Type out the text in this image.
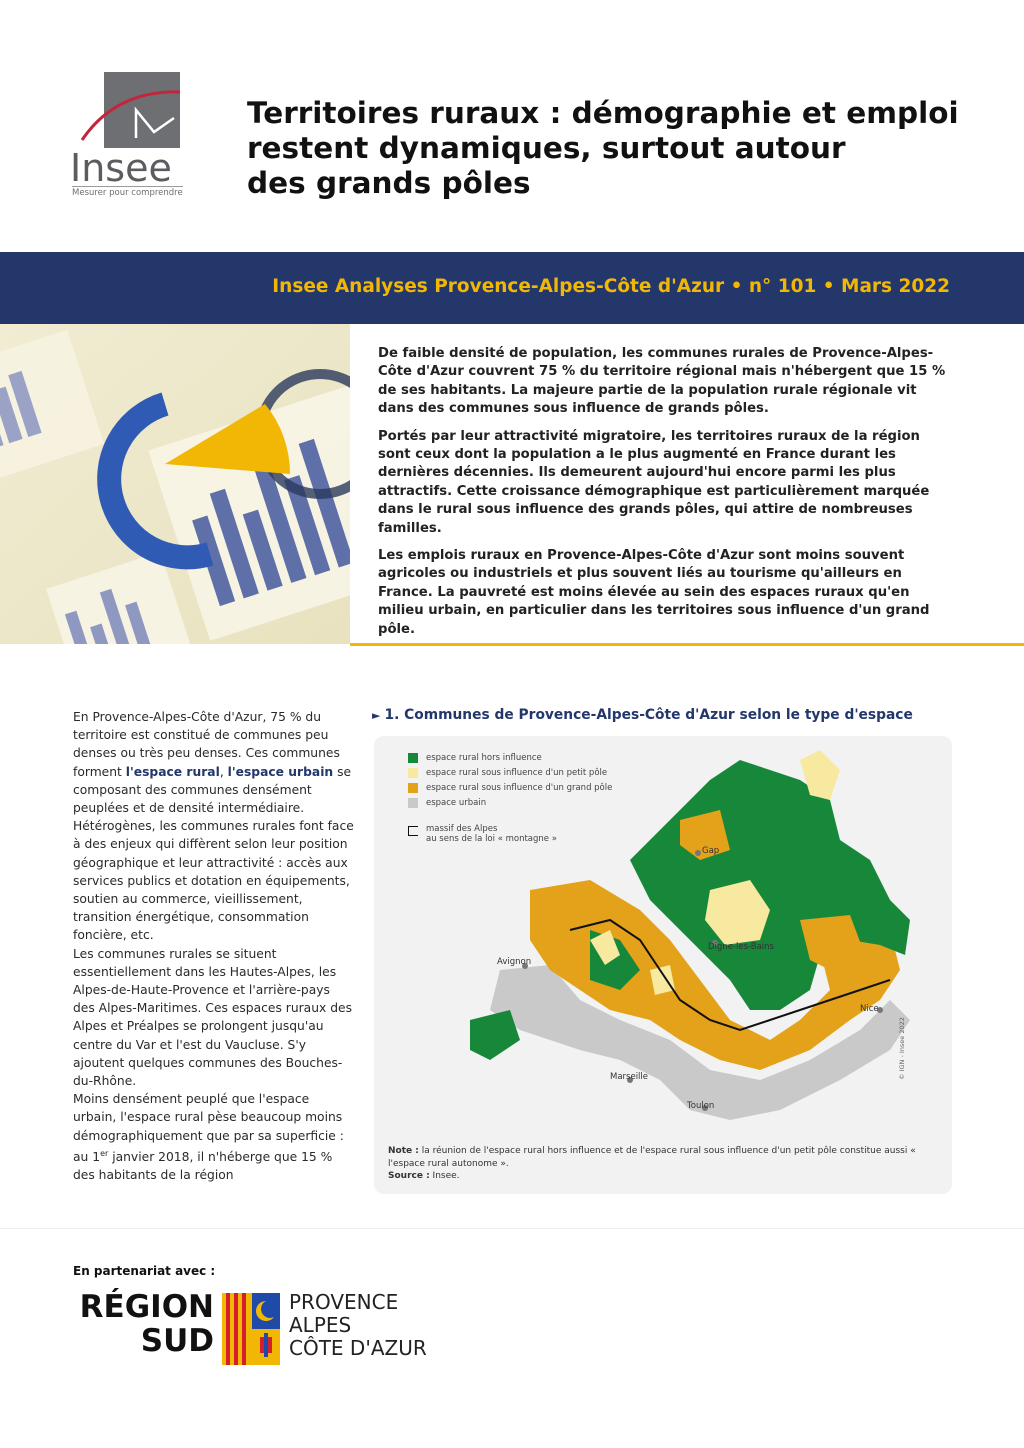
Insee
Mesurer pour comprendre
Territoires ruraux : démographie et emploi
restent dynamiques, surtout autour
des grands pôles
Insee Analyses Provence-Alpes-Côte d'Azur • n° 101 • Mars 2022

De faible densité de population, les communes rurales de Provence-Alpes-Côte d'Azur couvrent 75 % du territoire régional mais n'hébergent que 15 % de ses habitants. La majeure partie de la population rurale régionale vit dans des communes sous influence de grands pôles.

Portés par leur attractivité migratoire, les territoires ruraux de la région sont ceux dont la population a le plus augmenté en France durant les dernières décennies. Ils demeurent aujourd'hui encore parmi les plus attractifs. Cette croissance démographique est particulièrement marquée dans le rural sous influence des grands pôles, qui attire de nombreuses familles.

Les emplois ruraux en Provence-Alpes-Côte d'Azur sont moins souvent agricoles ou industriels et plus souvent liés au tourisme qu'ailleurs en France. La pauvreté est moins élevée au sein des espaces ruraux qu'en milieu urbain, en particulier dans les territoires sous influence d'un grand pôle.

En Provence-Alpes-Côte d'Azur, 75 % du territoire est constitué de communes peu denses ou très peu denses. Ces communes forment l'espace rural, l'espace urbain se composant des communes densément peuplées et de densité intermédiaire. Hétérogènes, les communes rurales font face à des enjeux qui diffèrent selon leur position géographique et leur attractivité : accès aux services publics et dotation en équipements, soutien au commerce, vieillissement, transition énergétique, consommation foncière, etc.

Les communes rurales se situent essentiellement dans les Hautes-Alpes, les Alpes-de-Haute-Provence et l'arrière-pays des Alpes-Maritimes. Ces espaces ruraux des Alpes et Préalpes se prolongent jusqu'au centre du Var et l'est du Vaucluse. S'y ajoutent quelques communes des Bouches-du-Rhône.

Moins densément peuplé que l'espace urbain, l'espace rural pèse beaucoup moins démographiquement que par sa superficie : au 1er janvier 2018, il n'héberge que 15 % des habitants de la région

► 1. Communes de Provence-Alpes-Côte d'Azur selon le type d'espace
Gap
Digne-les-Bains
Avignon
Nice
Marseille
Toulon
espace rural hors influence
espace rural sous influence d'un petit pôle
espace rural sous influence d'un grand pôle
espace urbain
massif des Alpes
au sens de la loi « montagne »
© IGN - Insee 2022
Note : la réunion de l'espace rural hors influence et de l'espace rural sous influence d'un petit pôle constitue aussi « l'espace rural autonome ».
Source : Insee.
En partenariat avec :
RÉGION
SUD
PROVENCE
ALPES
CÔTE D'AZUR
